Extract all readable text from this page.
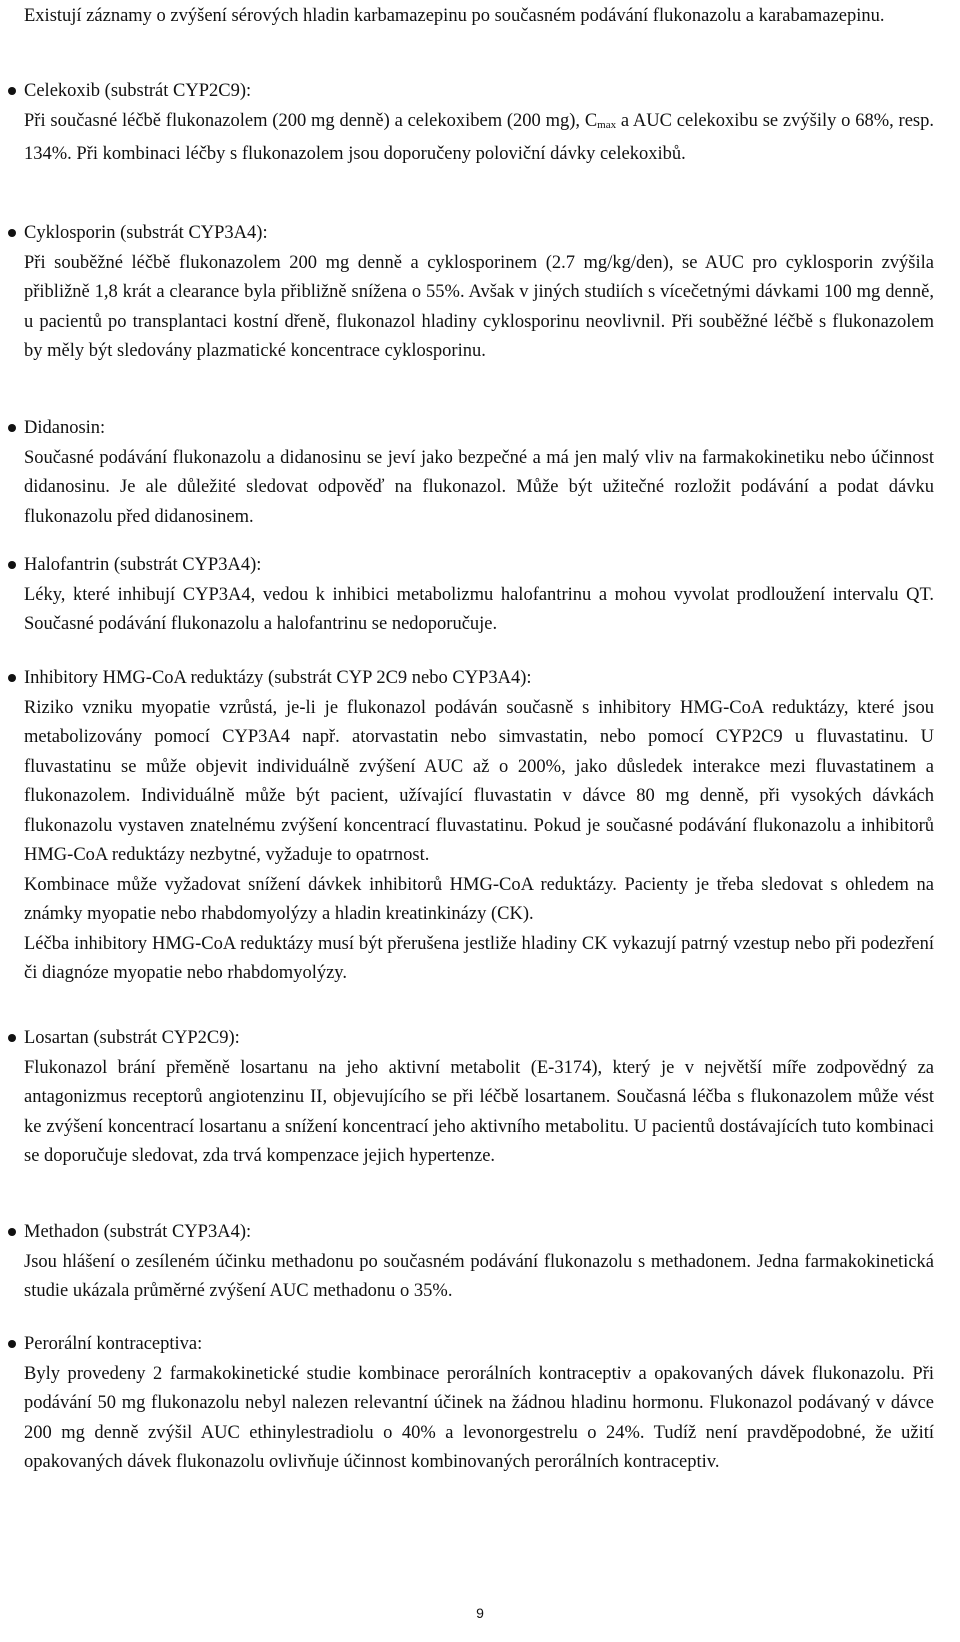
Existují záznamy o zvýšení sérových hladin karbamazepinu po současném podávání flukonazolu a karabamazepinu.

Celekoxib (substrát CYP2C9):
Při současné léčbě flukonazolem (200 mg denně) a celekoxibem (200 mg), Cmax a AUC celekoxibu se zvýšily o 68%, resp. 134%. Při kombinaci léčby s flukonazolem jsou doporučeny poloviční dávky celekoxibů.
Cyklosporin (substrát CYP3A4):
Při souběžné léčbě flukonazolem 200 mg denně a cyklosporinem (2.7 mg/kg/den), se AUC pro cyklosporin zvýšila přibližně 1,8 krát a clearance byla přibližně snížena o 55%. Avšak v jiných studiích s vícečetnými dávkami 100 mg denně, u pacientů po transplantaci kostní dřeně, flukonazol hladiny cyklosporinu neovlivnil. Při souběžné léčbě s flukonazolem by měly být sledovány plazmatické koncentrace cyklosporinu.
Didanosin:
Současné podávání flukonazolu a didanosinu se jeví jako bezpečné a má jen malý vliv na farmakokinetiku nebo účinnost didanosinu. Je ale důležité sledovat odpověď na flukonazol. Může být užitečné rozložit podávání a podat dávku flukonazolu před didanosinem.
Halofantrin (substrát CYP3A4):
Léky, které inhibují CYP3A4, vedou k inhibici metabolizmu halofantrinu a mohou vyvolat prodloužení intervalu QT. Současné podávání flukonazolu a halofantrinu se nedoporučuje.
Inhibitory HMG-CoA reduktázy (substrát CYP 2C9 nebo CYP3A4):
Riziko vzniku myopatie vzrůstá, je-li je flukonazol podáván současně s inhibitory HMG-CoA reduktázy, které jsou metabolizovány pomocí CYP3A4 např. atorvastatin nebo simvastatin, nebo pomocí CYP2C9 u fluvastatinu. U fluvastatinu se může objevit individuálně zvýšení AUC až o 200%, jako důsledek interakce mezi fluvastatinem a flukonazolem. Individuálně může být pacient, užívající fluvastatin v dávce 80 mg denně, při vysokých dávkách flukonazolu vystaven znatelnému zvýšení koncentrací fluvastatinu. Pokud je současné podávání flukonazolu a inhibitorů HMG-CoA reduktázy nezbytné, vyžaduje to opatrnost.
Kombinace může vyžadovat snížení dávkek inhibitorů HMG-CoA reduktázy. Pacienty je třeba sledovat s ohledem na známky myopatie nebo rhabdomyolýzy a hladin kreatinkinázy (CK).
Léčba inhibitory HMG-CoA reduktázy musí být přerušena jestliže hladiny CK vykazují patrný vzestup nebo při podezření či diagnóze myopatie nebo rhabdomyolýzy.
Losartan (substrát CYP2C9):
Flukonazol brání přeměně losartanu na jeho aktivní metabolit (E-3174), který je v největší míře zodpovědný za antagonizmus receptorů angiotenzinu II, objevujícího se při léčbě losartanem. Současná léčba s flukonazolem může vést ke zvýšení koncentrací losartanu a snížení koncentrací jeho aktivního metabolitu. U pacientů dostávajících tuto kombinaci se doporučuje sledovat, zda trvá kompenzace jejich hypertenze.
Methadon (substrát CYP3A4):
Jsou hlášení o zesíleném účinku methadonu po současném podávání flukonazolu s methadonem. Jedna farmakokinetická studie ukázala průměrné zvýšení AUC methadonu o 35%.
Perorální kontraceptiva:
Byly provedeny 2 farmakokinetické studie kombinace perorálních kontraceptiv a opakovaných dávek flukonazolu. Při podávání 50 mg flukonazolu nebyl nalezen relevantní účinek na žádnou hladinu hormonu. Flukonazol podávaný v dávce 200 mg denně zvýšil AUC ethinylestradiolu o 40% a levonorgestrelu o 24%. Tudíž není pravděpodobné, že užití opakovaných dávek flukonazolu ovlivňuje účinnost kombinovaných perorálních kontraceptiv.
9
